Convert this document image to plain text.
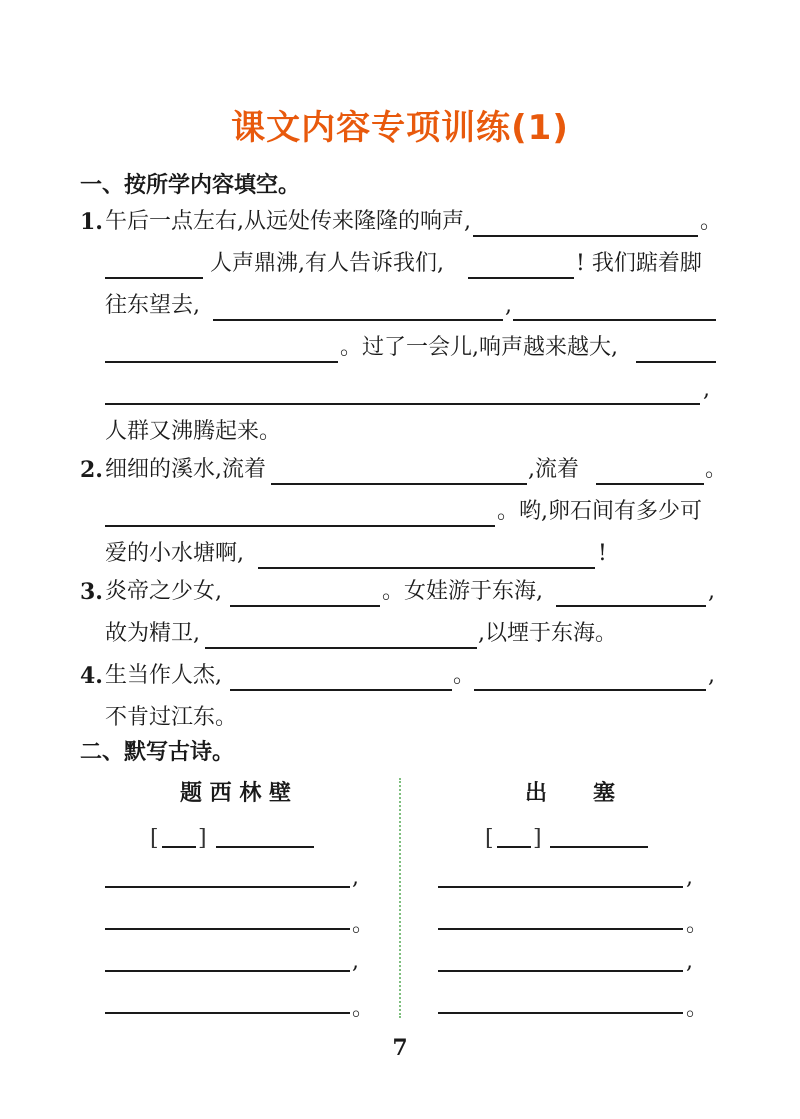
课文内容专项训练(1)
一、按所学内容填空。
1. 午后一点左右,从远处传来隆隆的响声,	。
人声鼎沸,有人告诉我们,	! 我们踮着脚
往东望去,	,
。过了一会儿,响声越来越大,
,
人群又沸腾起来。
2. 细细的溪水,流着	,流着	。
。哟,卵石间有多少可
爱的小水塘啊,	!
3. 炎帝之少女,	。女娃游于东海,	,
故为精卫,	,以堙于东海。
4. 生当作人杰,	。	,
不肯过江东。
二、默写古诗。
题 西 林 壁
[ ]
,
。
,
。
出      塞
[ ]
,
。
,
。
7
